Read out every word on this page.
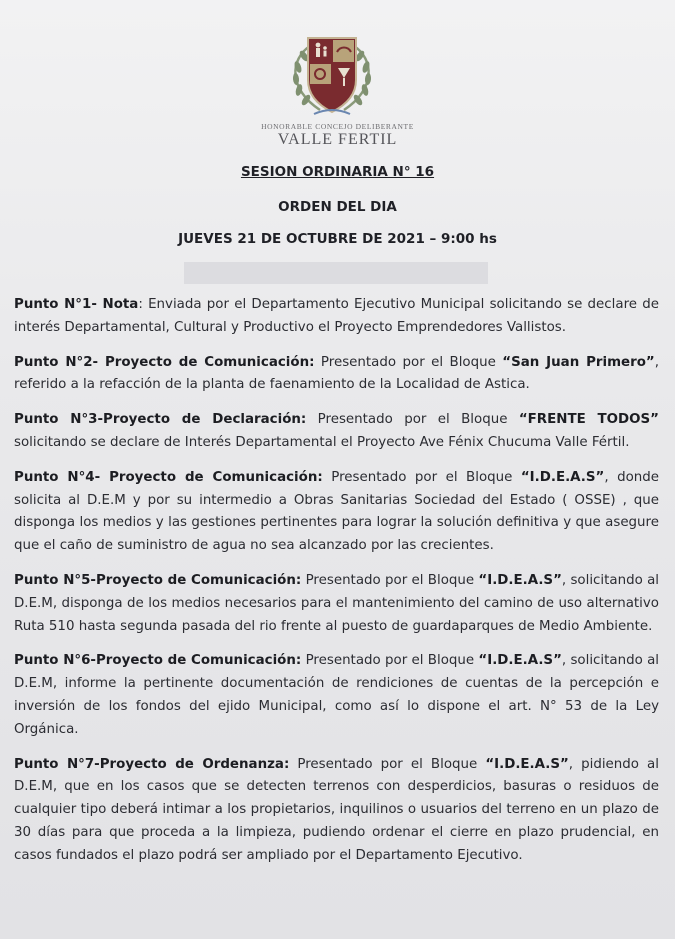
HONORABLE CONCEJO DELIBERANTE
VALLE FERTIL
SESION ORDINARIA N° 16
ORDEN DEL DIA
JUEVES 21 DE OCTUBRE DE 2021 – 9:00 hs

Punto N°1- Nota: Enviada por el Departamento Ejecutivo Municipal solicitando se declare de interés Departamental, Cultural y Productivo el Proyecto Emprendedores Vallistos.

Punto N°2- Proyecto de Comunicación: Presentado por el Bloque “San Juan Primero”, referido a la refacción de la planta de faenamiento de la Localidad de Astica.

Punto N°3-Proyecto de Declaración: Presentado por el Bloque “FRENTE TODOS” solicitando se declare de Interés Departamental el Proyecto Ave Fénix Chucuma Valle Fértil.

Punto N°4- Proyecto de Comunicación: Presentado por el Bloque “I.D.E.A.S”, donde solicita al D.E.M y por su intermedio a Obras Sanitarias Sociedad del Estado ( OSSE) , que disponga los medios y las gestiones pertinentes para lograr la solución definitiva y que asegure que el caño de suministro de agua no sea alcanzado por las crecientes.

Punto N°5-Proyecto de Comunicación: Presentado por el Bloque “I.D.E.A.S”, solicitando al D.E.M, disponga de los medios necesarios para el mantenimiento del camino de uso alternativo Ruta 510 hasta segunda pasada del rio frente al puesto de guardaparques de Medio Ambiente.

Punto N°6-Proyecto de Comunicación: Presentado por el Bloque “I.D.E.A.S”, solicitando al D.E.M, informe la pertinente documentación de rendiciones de cuentas de la percepción e inversión de los fondos del ejido Municipal, como así lo dispone el art. N° 53 de la Ley Orgánica.

Punto N°7-Proyecto de Ordenanza: Presentado por el Bloque “I.D.E.A.S”, pidiendo al D.E.M, que en los casos que se detecten terrenos con desperdicios, basuras o residuos de cualquier tipo deberá intimar a los propietarios, inquilinos o usuarios del terreno en un plazo de 30 días para que proceda a la limpieza, pudiendo ordenar el cierre en plazo prudencial, en casos fundados el plazo podrá ser ampliado por el Departamento Ejecutivo.
